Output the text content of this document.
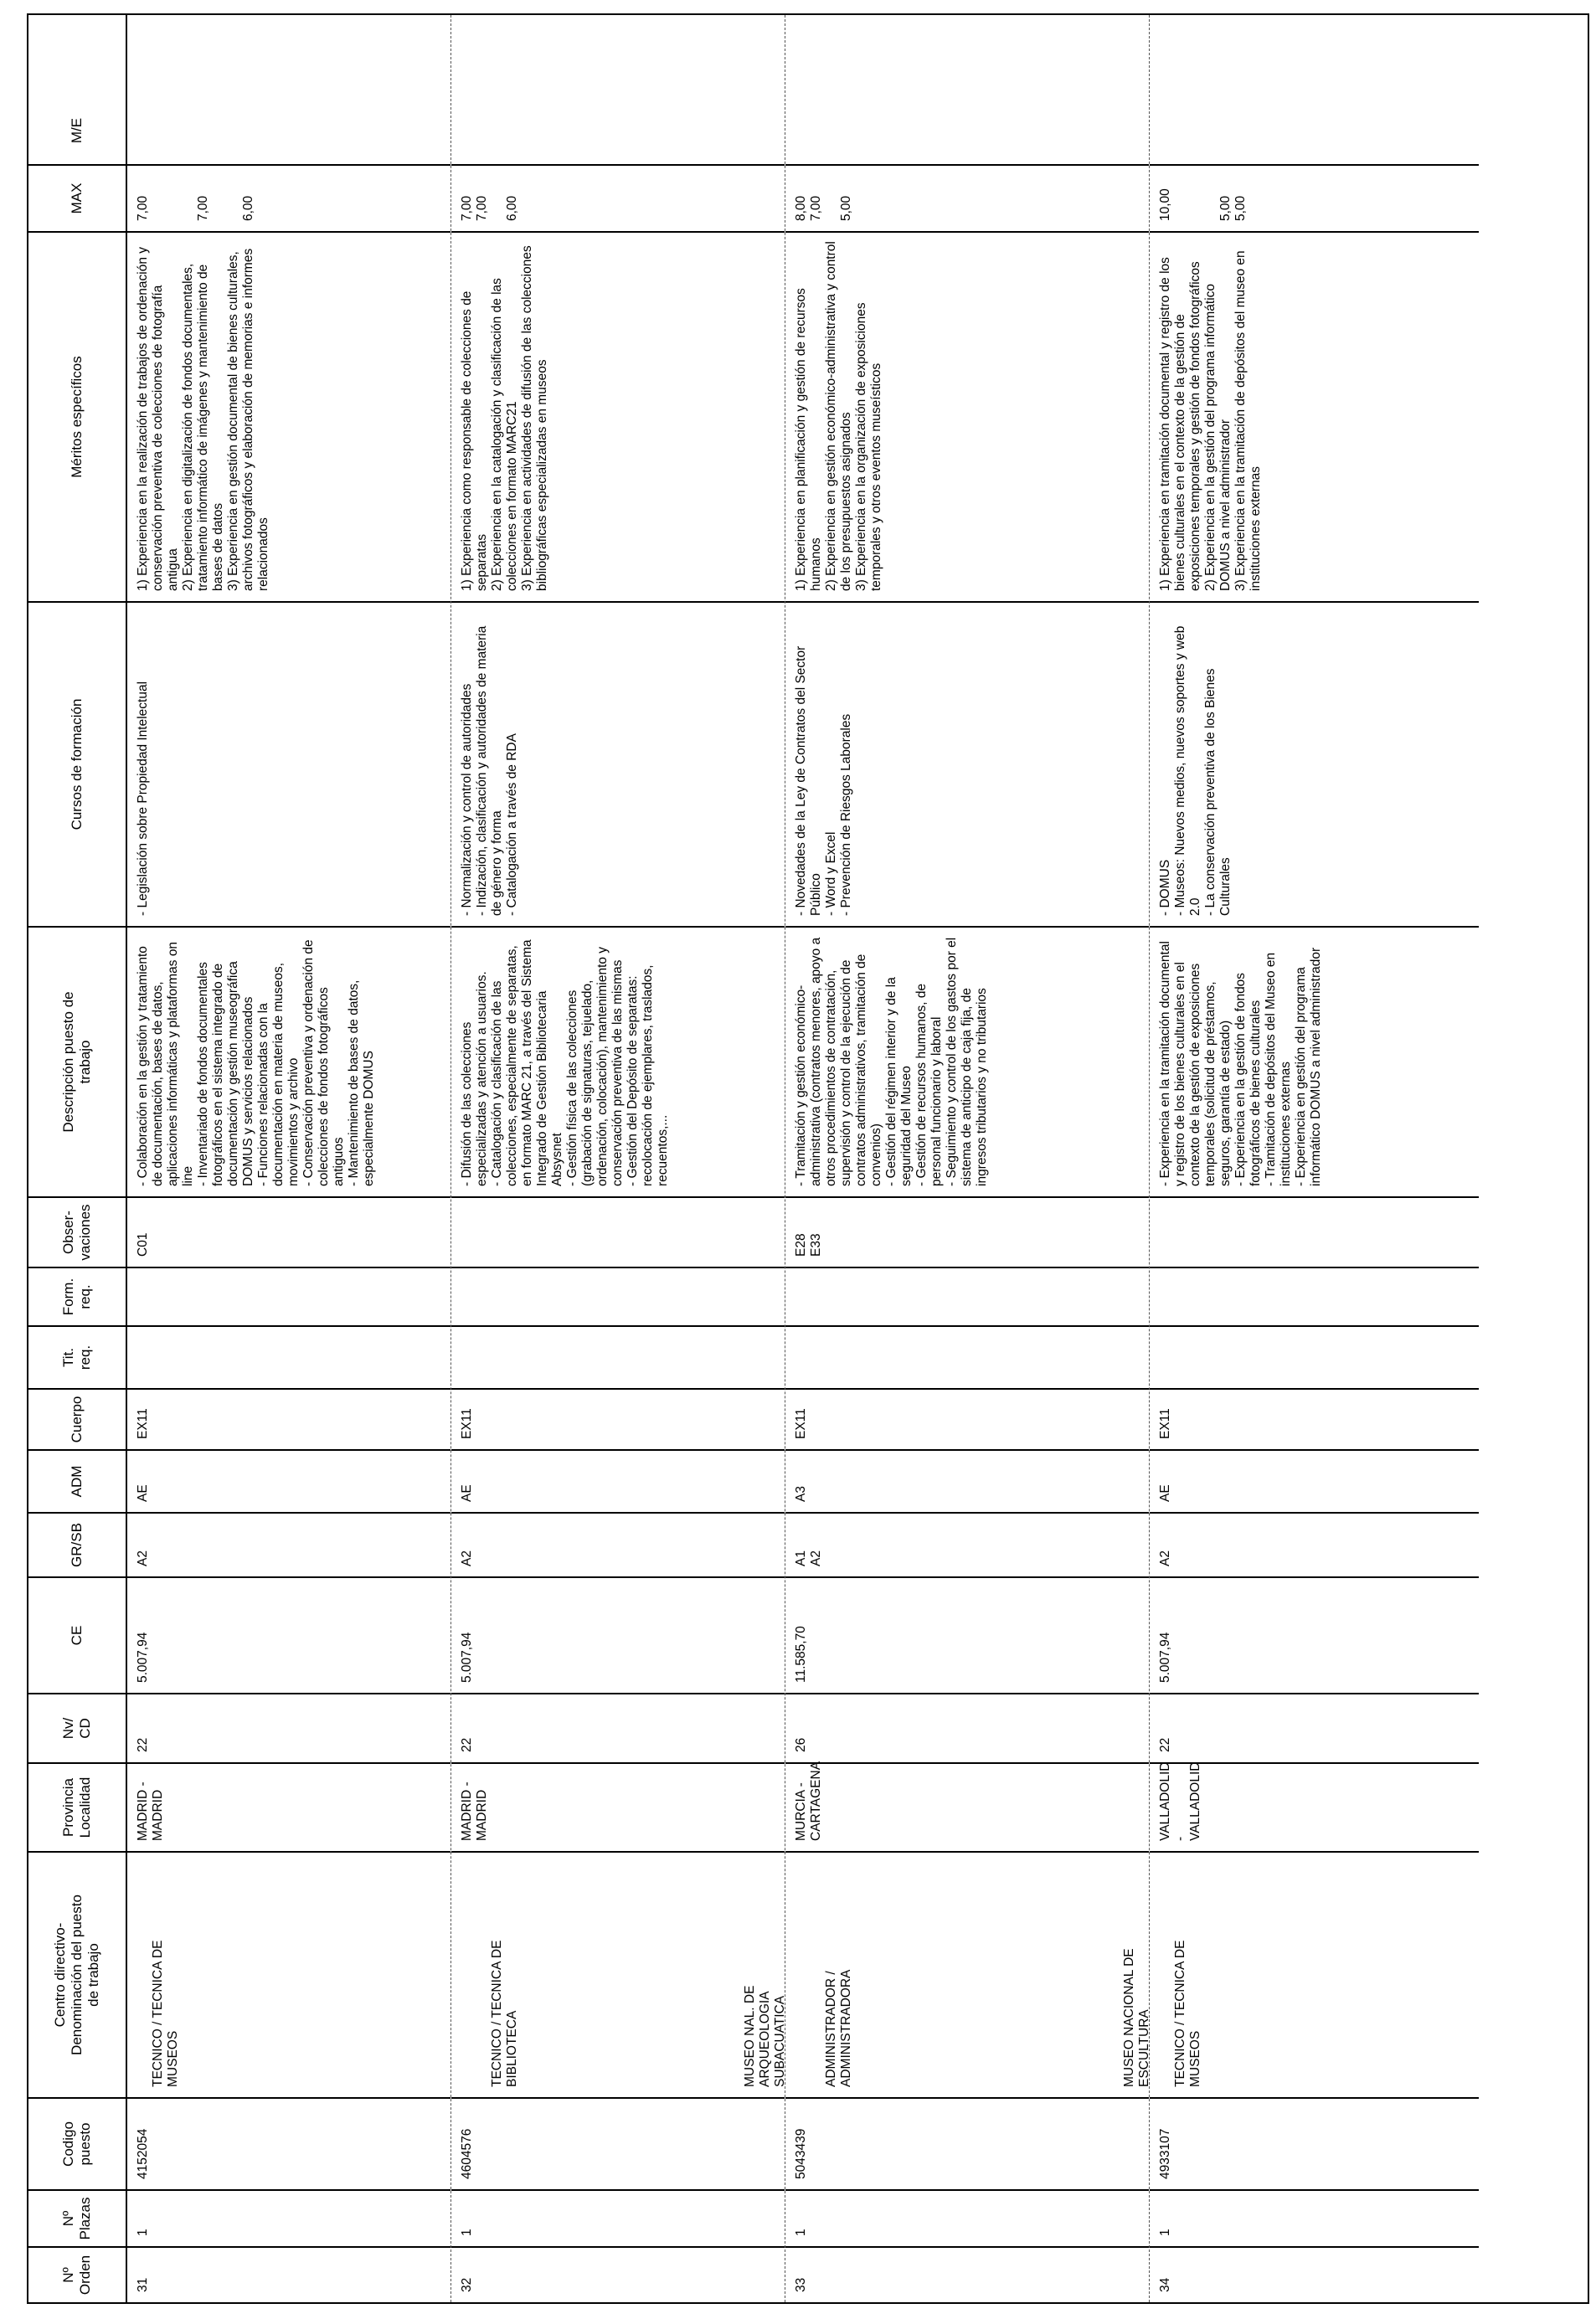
Nº
Orden
Nº
Plazas
Codigo
puesto
Centro directivo-
Denominación del puesto
de trabajo
Provincia
Localidad
Nv/
CD
CE
GR/SB
ADM
Cuerpo
Tit.
req.
Form.
req.
Obser-
vaciones
Descripción puesto de
trabajo
Cursos de formación
Méritos específicos
MAX
M/E
31
1
4152054

TECNICO / TECNICA DE
MUSEOS

MADRID -
MADRID
22
5.007,94
A2
AE
EX11
C01
- Colaboración en la gestión y tratamiento de documentación, bases de datos, aplicaciones informáticas y plataformas on line
- Inventariado de fondos documentales fotográficos en el sistema integrado de documentación y gestión museográfica DOMUS y servicios relacionados
- Funciones relacionadas con la documentación en materia de museos, movimientos y archivo
- Conservación preventiva y ordenación de colecciones de fondos fotográficos antiguos
- Mantenimiento de bases de datos, especialmente DOMUS
- Legislación sobre Propiedad Intelectual
1) Experiencia en la realización de trabajos de ordenación y conservación preventiva de colecciones de fotografía antigua
2) Experiencia en digitalización de fondos documentales, tratamiento informático de imágenes y mantenimiento de bases de datos
3) Experiencia en gestión documental de bienes culturales, archivos fotográficos y elaboración de memorias e informes relacionados
7,00

7,00

6,00
32
1
4604576

TECNICO / TECNICA DE
BIBLIOTECA	MUSEO NAL. DE
ARQUEOLOGIA
SUBACUATICA

MADRID -
MADRID
22
5.007,94
A2
AE
EX11
- Difusión de las colecciones especializadas y atención a usuarios.
- Catalogación y clasificación de las colecciones, especialmente de separatas, en formato MARC 21, a través del Sistema Integrado de Gestión Bibliotecaria Absysnet
- Gestión física de las colecciones (grabación de signaturas, tejuelado, ordenación, colocación), mantenimiento y conservación preventiva de las mismas
- Gestión del Depósito de separatas: recolocación de ejemplares, traslados, recuentos,...
- Normalización y control de autoridades
- Indización, clasificación y autoridades de materia de género y forma
- Catalogación a través de RDA
1) Experiencia como responsable de colecciones de separatas
2) Experiencia en la catalogación y clasificación de las colecciones en formato MARC21
3) Experiencia en actividades de difusión de las colecciones bibliográficas especializadas en museos
7,00
7,00

6,00
33
1
5043439

ADMINISTRADOR /
ADMINISTRADORA	MUSEO NACIONAL DE
ESCULTURA

MURCIA -
CARTAGENA
26
11.585,70
A1
A2
A3
EX11
E28
E33
- Tramitación y gestión económico-administrativa (contratos menores, apoyo a otros procedimientos de contratación, supervisión y control de la ejecución de contratos administrativos, tramitación de convenios)
- Gestión del régimen interior y de la seguridad del Museo
- Gestión de recursos humanos, de personal funcionario y laboral
- Seguimiento y control de los gastos por el sistema de anticipo de caja fija, de ingresos tributarios y no tributarios
- Novedades de la Ley de Contratos del Sector Público
- Word y Excel
- Prevención de Riesgos Laborales
1) Experiencia en planificación y gestión de recursos humanos
2) Experiencia en gestión económico-administrativa y control de los presupuestos asignados
3) Experiencia en la organización de exposiciones temporales y otros eventos museísticos
8,00
7,00

5,00
34
1
4933107

TECNICO / TECNICA DE
MUSEOS

VALLADOLID -
VALLADOLID
22
5.007,94
A2
AE
EX11
- Experiencia en la tramitación documental y registro de los bienes culturales en el contexto de la gestión de exposiciones temporales (solicitud de préstamos, seguros, garantía de estado)
- Experiencia en la gestión de fondos fotográficos de bienes culturales
- Tramitación de depósitos del Museo en instituciones externas
- Experiencia en gestión del programa informático DOMUS a nivel administrador
- DOMUS
- Museos: Nuevos medios, nuevos soportes y web 2.0
- La conservación preventiva de los Bienes Culturales
1) Experiencia en tramitación documental y registro de los bienes culturales en el contexto de la gestión de exposiciones temporales y gestión de fondos fotográficos
2) Experiencia en la gestión del programa informático DOMUS a nivel administrador
3) Experiencia en la tramitación de depósitos del museo en instituciones externas
10,00

5,00
5,00
